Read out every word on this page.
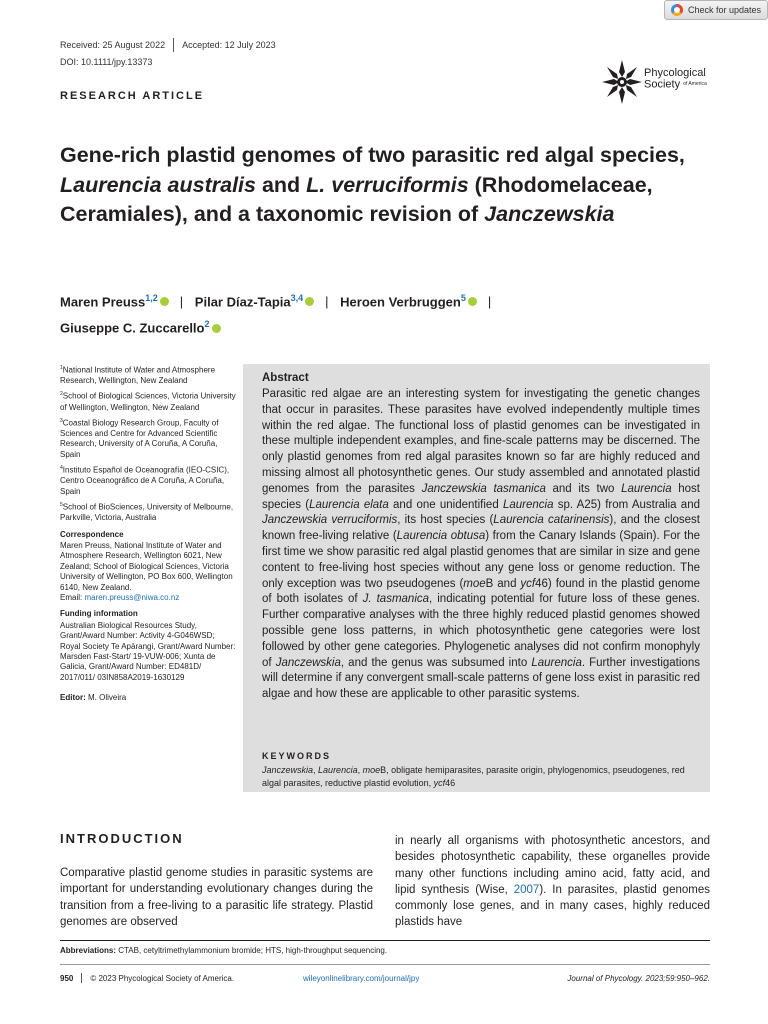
Check for updates
Received: 25 August 2022 Accepted: 12 July 2023
DOI: 10.1111/jpy.13373
Phycological
Society of America
RESEARCH ARTICLE
Gene-rich plastid genomes of two parasitic red algal species, Laurencia australis and L. verruciformis (Rhodomelaceae, Ceramiales), and a taxonomic revision of Janczewskia
Maren Preuss$^{1,2}$ | Pilar Díaz-Tapia$^{3,4}$ | Heroen Verbruggen$^5$ |
Giuseppe C. Zuccarello$^2$

$^1$National Institute of Water and Atmosphere Research, Wellington, New Zealand

$^2$School of Biological Sciences, Victoria University of Wellington, Wellington, New Zealand

$^3$Coastal Biology Research Group, Faculty of Sciences and Centre for Advanced Scientific Research, University of A Coruña, A Coruña, Spain

$^4$Instituto Español de Oceanografía (IEO-CSIC), Centro Oceanográfico de A Coruña, A Coruña, Spain

$^5$School of BioSciences, University of Melbourne, Parkville, Victoria, Australia

Correspondence

Maren Preuss, National Institute of Water and Atmosphere Research, Wellington 6021, New Zealand; School of Biological Sciences, Victoria University of Wellington, PO Box 600, Wellington 6140, New Zealand.
Email: maren.preuss@niwa.co.nz

Funding information

Australian Biological Resources Study, Grant/Award Number: Activity 4-G046WSD; Royal Society Te Apārangi, Grant/Award Number: Marsden Fast-Start/ 19-VUW-006; Xunta de Galicia, Grant/Award Number: ED481D/ 2017/011/ 03IN858A2019-1630129

Editor: M. Oliveira

Abstract
Parasitic red algae are an interesting system for investigating the genetic changes that occur in parasites. These parasites have evolved independently multiple times within the red algae. The functional loss of plastid genomes can be investigated in these multiple independent examples, and fine-scale patterns may be discerned. The only plastid genomes from red algal parasites known so far are highly reduced and missing almost all photosynthetic genes. Our study assembled and annotated plastid genomes from the parasites Janczewskia tasmanica and its two Laurencia host species (Laurencia elata and one unidentified Laurencia sp. A25) from Australia and Janczewskia verruciformis, its host species (Laurencia catarinensis), and the closest known free-living relative (Laurencia obtusa) from the Canary Islands (Spain). For the first time we show parasitic red algal plastid genomes that are similar in size and gene content to free-living host species without any gene loss or genome reduction. The only exception was two pseudogenes (moeB and ycf46) found in the plastid genome of both isolates of J. tasmanica, indicating potential for future loss of these genes. Further comparative analyses with the three highly reduced plastid genomes showed possible gene loss patterns, in which photosynthetic gene categories were lost followed by other gene categories. Phylogenetic analyses did not confirm monophyly of Janczewskia, and the genus was subsumed into Laurencia. Further investigations will determine if any convergent small-scale patterns of gene loss exist in parasitic red algae and how these are applicable to other parasitic systems.
KEYWORDS
Janczewskia, Laurencia, moeB, obligate hemiparasites, parasite origin, phylogenomics, pseudogenes, red algal parasites, reductive plastid evolution, ycf46
INTRODUCTION

Comparative plastid genome studies in parasitic systems are important for understanding evolutionary changes during the transition from a free-living to a parasitic life strategy. Plastid genomes are observed

in nearly all organisms with photosynthetic ancestors, and besides photosynthetic capability, these organelles provide many other functions including amino acid, fatty acid, and lipid synthesis (Wise, 2007). In parasites, plastid genomes commonly lose genes, and in many cases, highly reduced plastids have

Abbreviations: CTAB, cetyltrimethylammonium bromide; HTS, high-throughput sequencing.
950 © 2023 Phycological Society of America.	wileyonlinelibrary.com/journal/jpy	Journal of Phycology. 2023;59:950–962.
